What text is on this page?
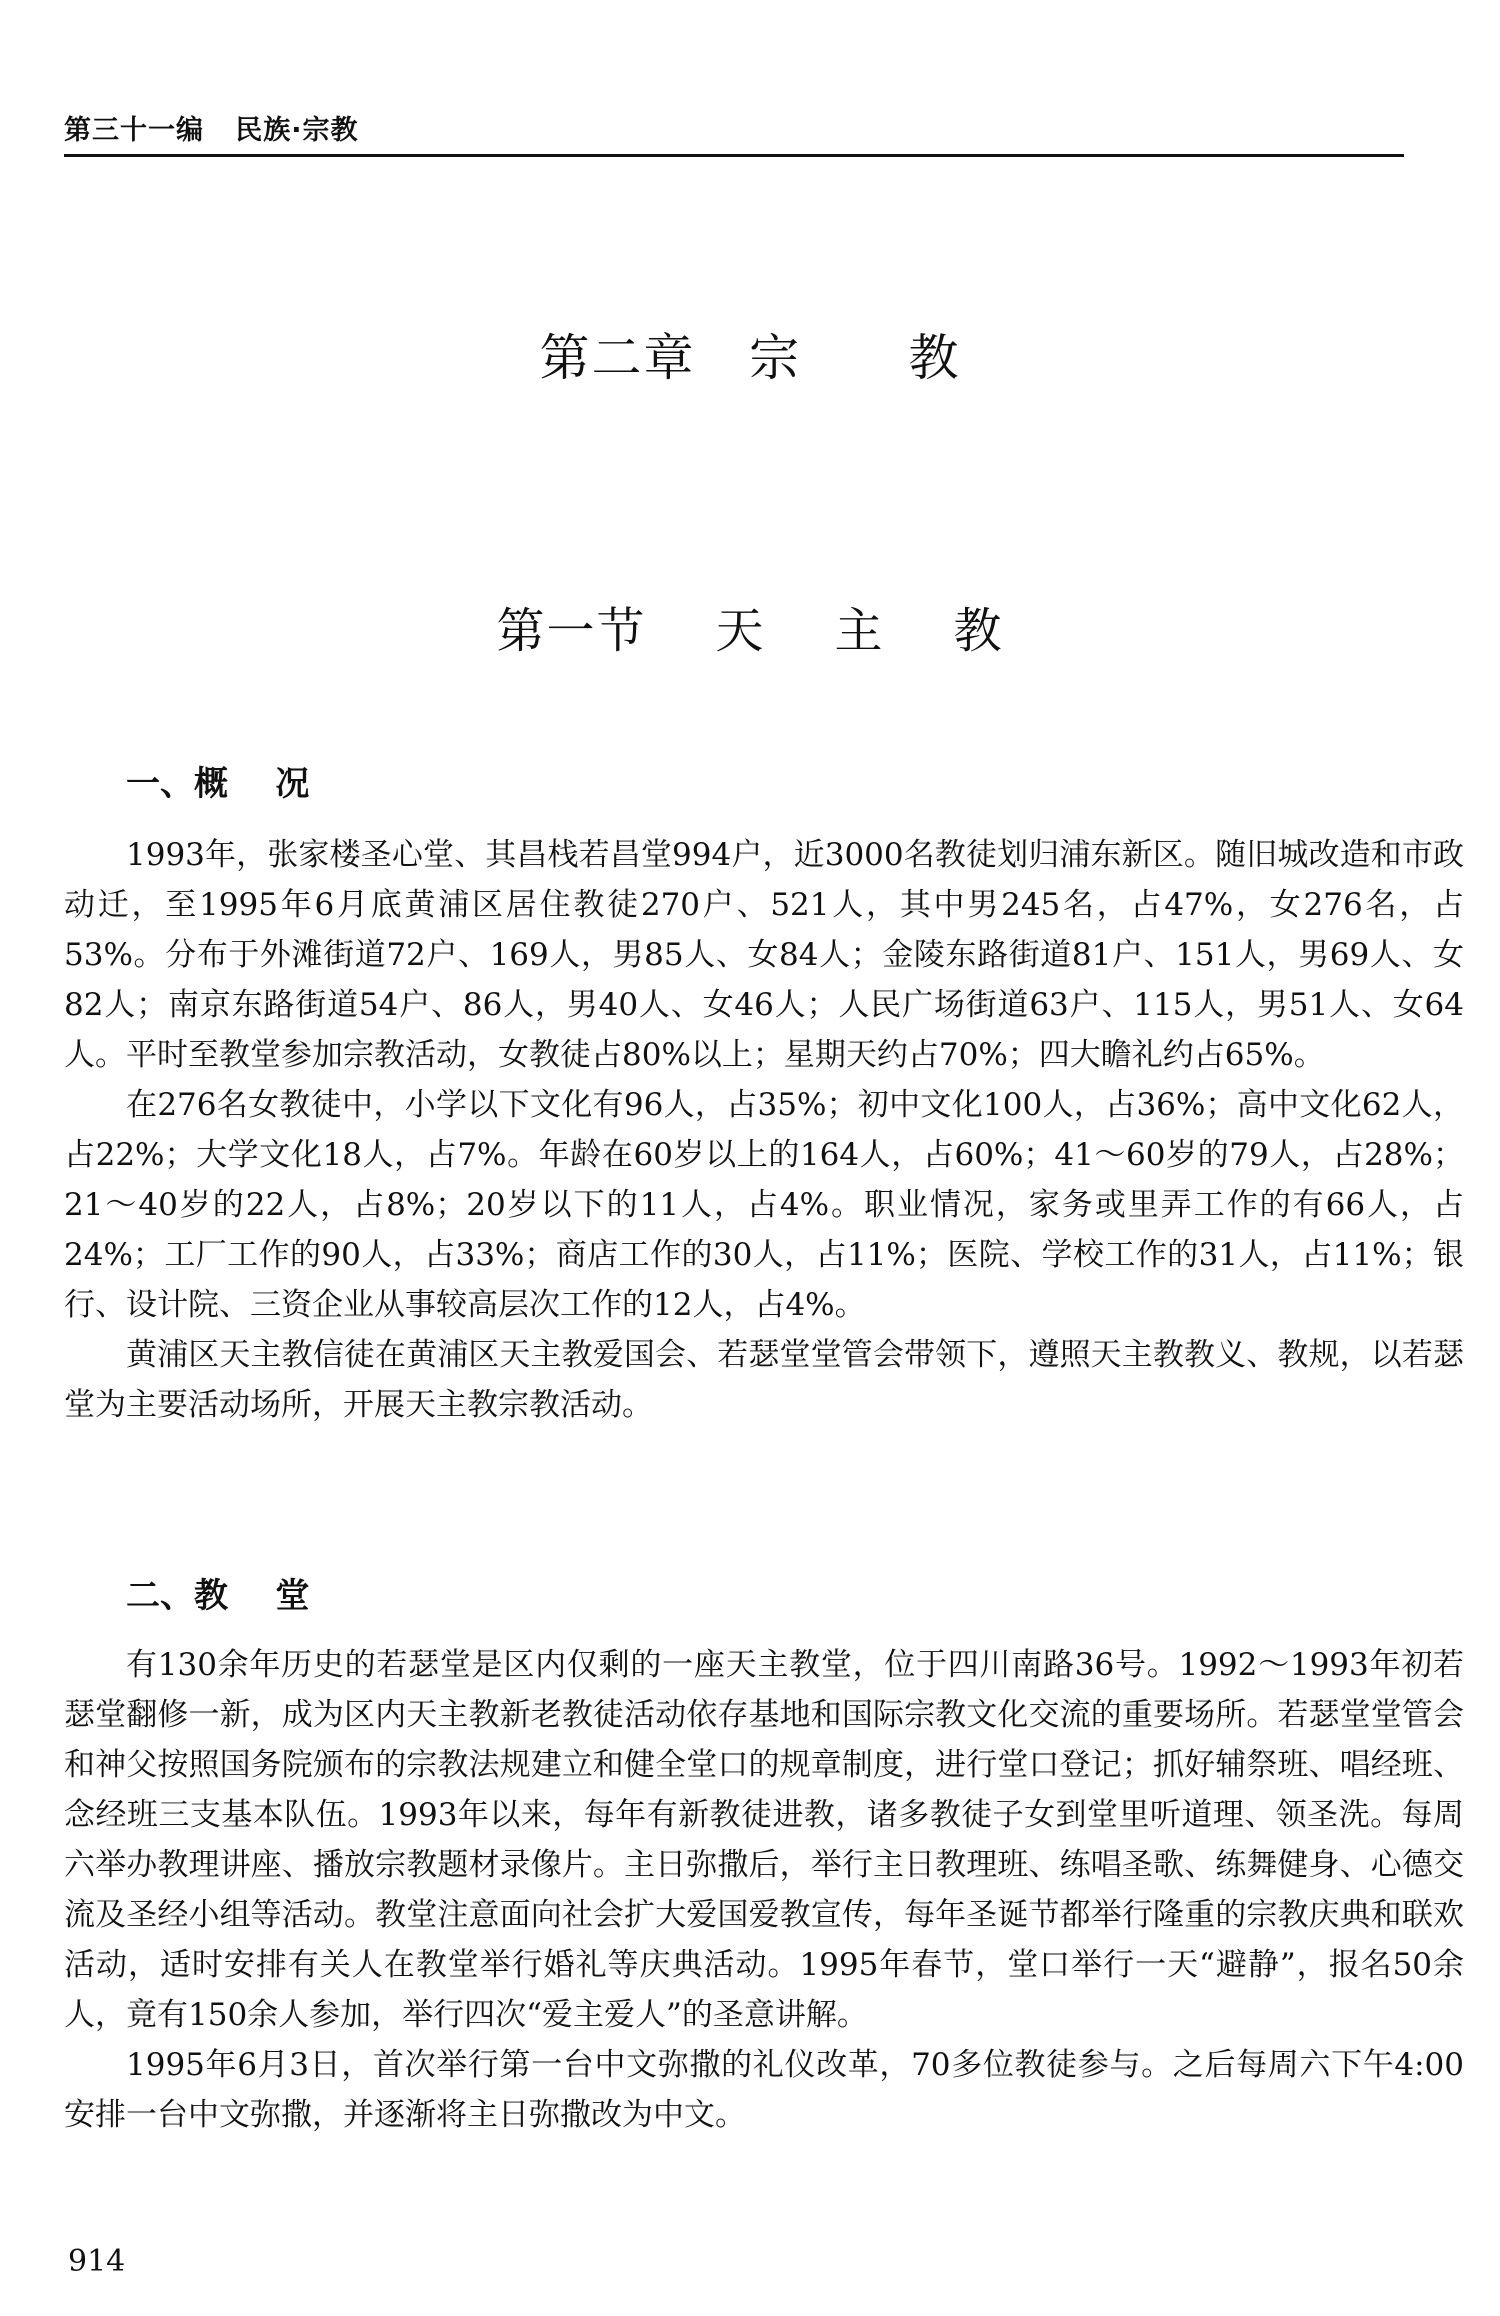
第三十一编   民族·宗教
第二章   宗      教
第一节    天    主    教
一、概    况

1993年，张家楼圣心堂、其昌栈若昌堂994户，近3000名教徒划归浦东新区。随旧城改造和市政动迁，至1995年6月底黄浦区居住教徒270户、521人，其中男245名，占47%，女276名，占53%。分布于外滩街道72户、169人，男85人、女84人；金陵东路街道81户、151人，男69人、女82人；南京东路街道54户、86人，男40人、女46人；人民广场街道63户、115人，男51人、女64人。平时至教堂参加宗教活动，女教徒占80%以上；星期天约占70%；四大瞻礼约占65%。

在276名女教徒中，小学以下文化有96人，占35%；初中文化100人，占36%；高中文化62人，占22%；大学文化18人，占7%。年龄在60岁以上的164人，占60%；41～60岁的79人，占28%；21～40岁的22人，占8%；20岁以下的11人，占4%。职业情况，家务或里弄工作的有66人，占24%；工厂工作的90人，占33%；商店工作的30人，占11%；医院、学校工作的31人，占11%；银行、设计院、三资企业从事较高层次工作的12人，占4%。

黄浦区天主教信徒在黄浦区天主教爱国会、若瑟堂堂管会带领下，遵照天主教教义、教规，以若瑟堂为主要活动场所，开展天主教宗教活动。

二、教    堂

有130余年历史的若瑟堂是区内仅剩的一座天主教堂，位于四川南路36号。1992～1993年初若瑟堂翻修一新，成为区内天主教新老教徒活动依存基地和国际宗教文化交流的重要场所。若瑟堂堂管会和神父按照国务院颁布的宗教法规建立和健全堂口的规章制度，进行堂口登记；抓好辅祭班、唱经班、念经班三支基本队伍。1993年以来，每年有新教徒进教，诸多教徒子女到堂里听道理、领圣洗。每周六举办教理讲座、播放宗教题材录像片。主日弥撒后，举行主日教理班、练唱圣歌、练舞健身、心德交流及圣经小组等活动。教堂注意面向社会扩大爱国爱教宣传，每年圣诞节都举行隆重的宗教庆典和联欢活动，适时安排有关人在教堂举行婚礼等庆典活动。1995年春节，堂口举行一天“避静”，报名50余人，竟有150余人参加，举行四次“爱主爱人”的圣意讲解。

1995年6月3日，首次举行第一台中文弥撒的礼仪改革，70多位教徒参与。之后每周六下午4:00安排一台中文弥撒，并逐渐将主日弥撒改为中文。

914
